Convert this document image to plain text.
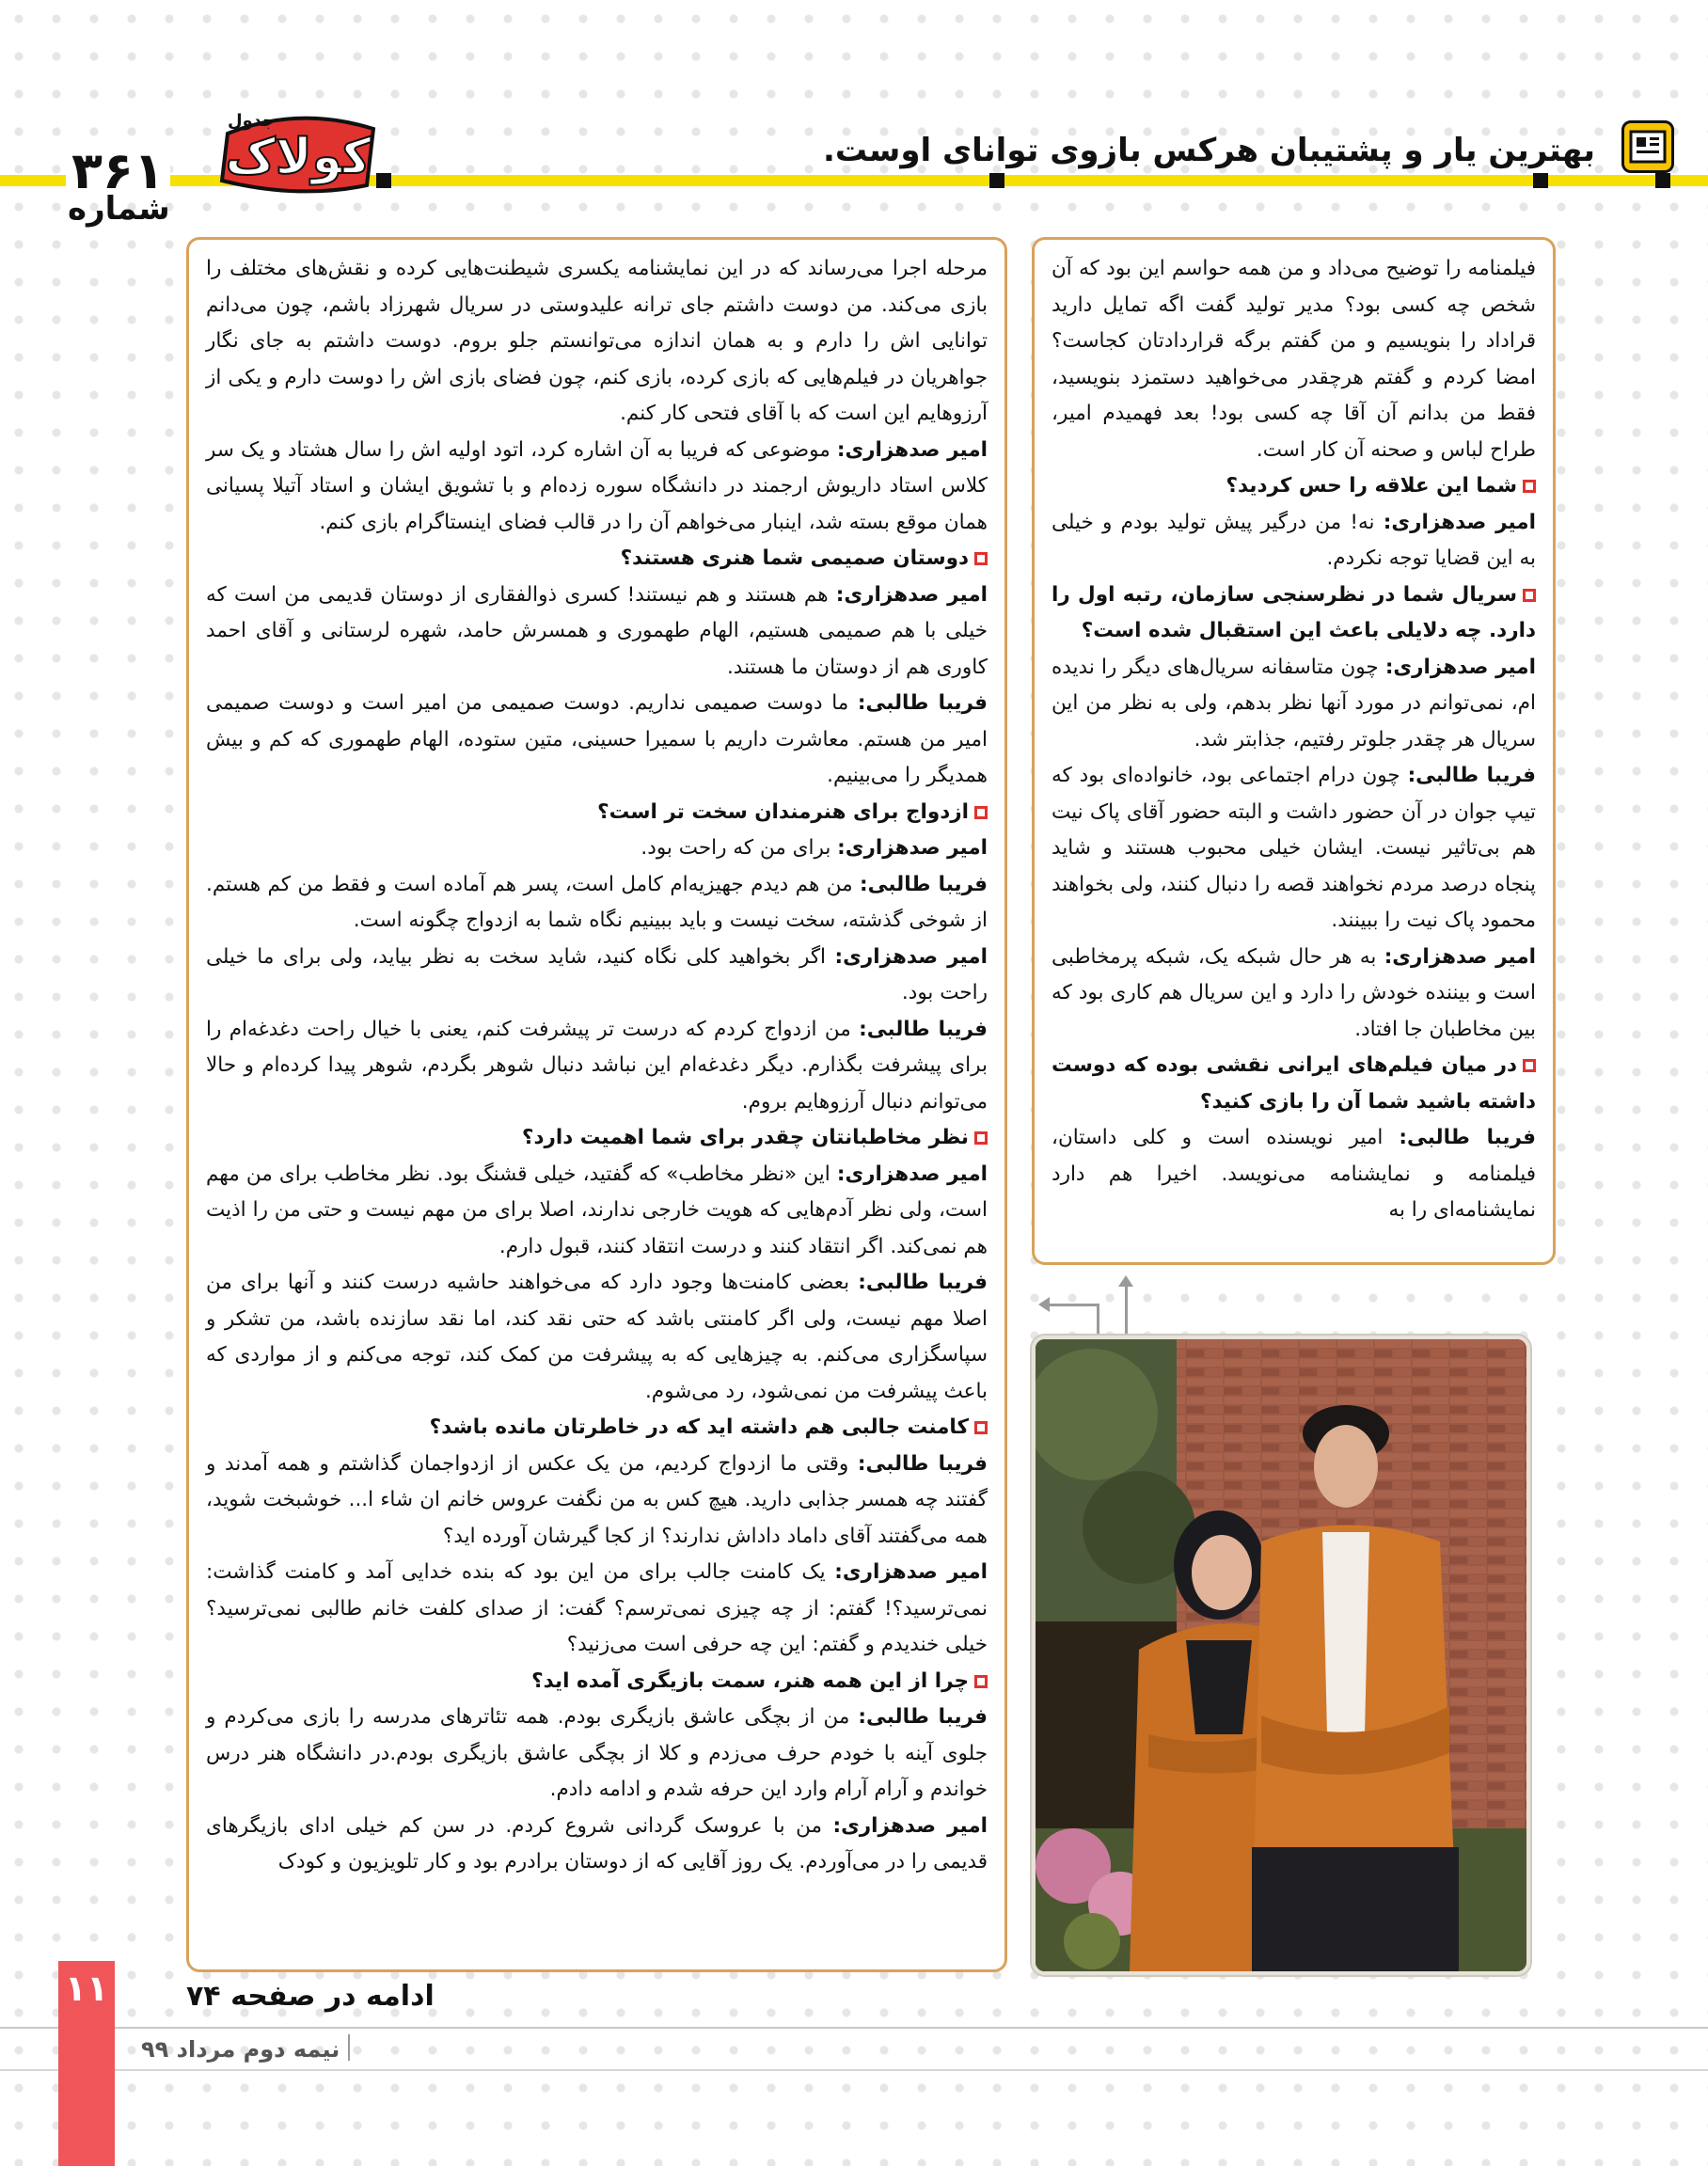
بهترین یار و پشتیبان هرکس بازوی توانای اوست.
کولاک
جدول
۳۶۱
شماره

فیلمنامه را توضیح می‌داد و من همه حواسم این بود که آن شخص چه کسی بود؟ مدیر تولید گفت اگه تمایل دارید قراداد را بنویسیم و من گفتم برگه قراردادتان کجاست؟ امضا کردم و گفتم هرچقدر می‌خواهید دستمزد بنویسید، فقط من بدانم آن آقا چه کسی بود! بعد فهمیدم امیر، طراح لباس و صحنه آن کار است.

شما این علاقه را حس کردید؟

امیر صدهزاری: نه! من درگیر پیش تولید بودم و خیلی به این قضایا توجه نکردم.

سریال شما در نظرسنجی سازمان، رتبه اول را دارد. چه دلایلی باعث این استقبال شده است؟

امیر صدهزاری: چون متاسفانه سریال‌های دیگر را ندیده ام، نمی‌توانم در مورد آنها نظر بدهم، ولی به نظر من این سریال هر چقدر جلوتر رفتیم، جذابتر شد.

فریبا طالبی: چون درام اجتماعی بود، خانواده‌ای بود که تیپ جوان در آن حضور داشت و البته حضور آقای پاک نیت هم بی‌تاثیر نیست. ایشان خیلی محبوب هستند و شاید پنجاه درصد مردم نخواهند قصه را دنبال کنند، ولی بخواهند محمود پاک نیت را ببینند.

امیر صدهزاری: به هر حال شبکه یک، شبکه پرمخاطبی است و بیننده خودش را دارد و این سریال هم کاری بود که بین مخاطبان جا افتاد.

در میان فیلم‌های ایرانی نقشی بوده که دوست داشته باشید شما آن را بازی کنید؟

فریبا طالبی: امیر نویسنده است و کلی داستان، فیلمنامه و نمایشنامه می‌نویسد. اخیرا هم دارد نمایشنامه‌ای را به

مرحله اجرا می‌رساند که در این نمایشنامه یکسری شیطنت‌هایی کرده و نقش‌های مختلف را بازی می‌کند. من دوست داشتم جای ترانه علیدوستی در سریال شهرزاد باشم، چون می‌دانم توانایی اش را دارم و به همان اندازه می‌توانستم جلو بروم. دوست داشتم به جای نگار جواهریان در فیلم‌هایی که بازی کرده، بازی کنم، چون فضای بازی اش را دوست دارم و یکی از آرزوهایم این است که با آقای فتحی کار کنم.

امیر صدهزاری: موضوعی که فریبا به آن اشاره کرد، اتود اولیه اش را سال هشتاد و یک سر کلاس استاد داریوش ارجمند در دانشگاه سوره زده‌ام و با تشویق ایشان و استاد آتیلا پسیانی همان موقع بسته شد، اینبار می‌خواهم آن را در قالب فضای اینستاگرام بازی کنم.

دوستان صمیمی شما هنری هستند؟

امیر صدهزاری: هم هستند و هم نیستند! کسری ذوالفقاری از دوستان قدیمی من است که خیلی با هم صمیمی هستیم، الهام طهموری و همسرش حامد، شهره لرستانی و آقای احمد کاوری هم از دوستان ما هستند.

فریبا طالبی: ما دوست صمیمی نداریم. دوست صمیمی من امیر است و دوست صمیمی امیر من هستم. معاشرت داریم با سمیرا حسینی، متین ستوده، الهام طهموری که کم و بیش همدیگر را می‌بینیم.

ازدواج برای هنرمندان سخت تر است؟

امیر صدهزاری: برای من که راحت بود.

فریبا طالبی: من هم دیدم جهیزیه‌ام کامل است، پسر هم آماده است و فقط من کم هستم. از شوخی گذشته، سخت نیست و باید ببینیم نگاه شما به ازدواج چگونه است.

امیر صدهزاری: اگر بخواهید کلی نگاه کنید، شاید سخت به نظر بیاید، ولی برای ما خیلی راحت بود.

فریبا طالبی: من ازدواج کردم که درست تر پیشرفت کنم، یعنی با خیال راحت دغدغه‌ام را برای پیشرفت بگذارم. دیگر دغدغه‌ام این نباشد دنبال شوهر بگردم، شوهر پیدا کرده‌ام و حالا می‌توانم دنبال آرزوهایم بروم.

نظر مخاطبانتان چقدر برای شما اهمیت دارد؟

امیر صدهزاری: این «نظر مخاطب» که گفتید، خیلی قشنگ بود. نظر مخاطب برای من مهم است، ولی نظر آدم‌هایی که هویت خارجی ندارند، اصلا برای من مهم نیست و حتی من را اذیت هم نمی‌کند. اگر انتقاد کنند و درست انتقاد کنند، قبول دارم.

فریبا طالبی: بعضی کامنت‌ها وجود دارد که می‌خواهند حاشیه درست کنند و آنها برای من اصلا مهم نیست، ولی اگر کامنتی باشد که حتی نقد کند، اما نقد سازنده باشد، من تشکر و سپاسگزاری می‌کنم. به چیزهایی که به پیشرفت من کمک کند، توجه می‌کنم و از مواردی که باعث پیشرفت من نمی‌شود، رد می‌شوم.

کامنت جالبی هم داشته اید که در خاطرتان مانده باشد؟

فریبا طالبی: وقتی ما ازدواج کردیم، من یک عکس از ازدواجمان گذاشتم و همه آمدند و گفتند چه همسر جذابی دارید. هیچ کس به من نگفت عروس خانم ان شاء ا... خوشبخت شوید، همه می‌گفتند آقای داماد داداش ندارند؟ از کجا گیرشان آورده اید؟

امیر صدهزاری: یک کامنت جالب برای من این بود که بنده خدایی آمد و کامنت گذاشت: نمی‌ترسید؟! گفتم: از چه چیزی نمی‌ترسم؟ گفت: از صدای کلفت خانم طالبی نمی‌ترسید؟ خیلی خندیدم و گفتم: این چه حرفی است می‌زنید؟

چرا از این همه هنر، سمت بازیگری آمده اید؟

فریبا طالبی: من از بچگی عاشق بازیگری بودم. همه تئاترهای مدرسه را بازی می‌کردم و جلوی آینه با خودم حرف می‌زدم و کلا از بچگی عاشق بازیگری بودم.در دانشگاه هنر درس خواندم و آرام آرام وارد این حرفه شدم و ادامه دادم.

امیر صدهزاری: من با عروسک گردانی شروع کردم. در سن کم خیلی ادای بازیگرهای قدیمی را در می‌آوردم. یک روز آقایی که از دوستان برادرم بود و کار تلویزیون و کودک

ادامه در صفحه ۷۴
۱۱
نیمه دوم مرداد ۹۹
